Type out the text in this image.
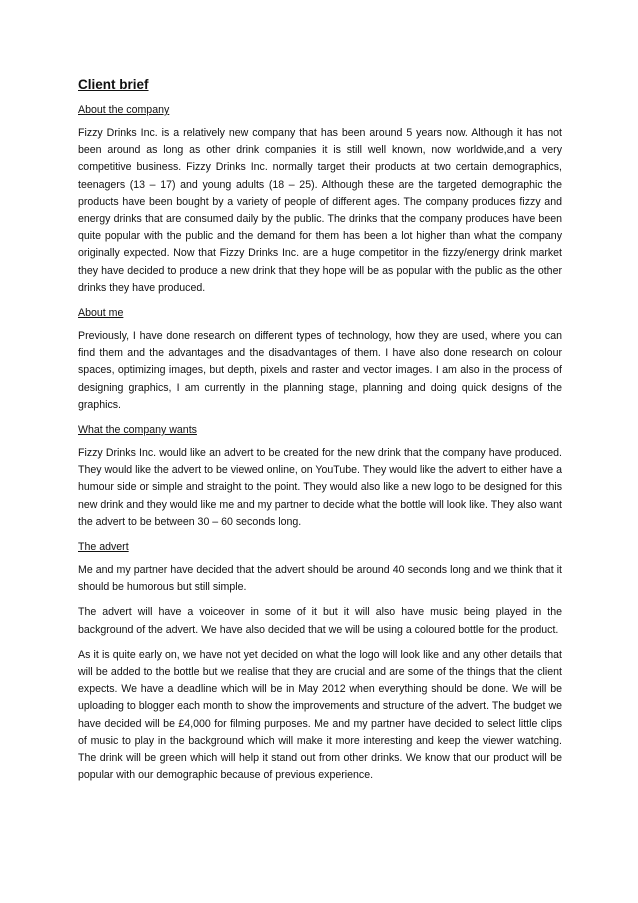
Client brief
About the company

Fizzy Drinks Inc. is a relatively new company that has been around 5 years now. Although it has not been around as long as other drink companies it is still well known, now worldwide,and a very competitive business. Fizzy Drinks Inc. normally target their products at two certain demographics, teenagers (13 – 17) and young adults (18 – 25). Although these are the targeted demographic the products have been bought by a variety of people of different ages. The company produces fizzy and energy drinks that are consumed daily by the public. The drinks that the company produces have been quite popular with the public and the demand for them has been a lot higher than what the company originally expected. Now that Fizzy Drinks Inc. are a huge competitor in the fizzy/energy drink market they have decided to produce a new drink that they hope will be as popular with the public as the other drinks they have produced.

About me

Previously, I have done research on different types of technology, how they are used, where you can find them and the advantages and the disadvantages of them. I have also done research on colour spaces, optimizing images, but depth, pixels and raster and vector images. I am also in the process of designing graphics, I am currently in the planning stage, planning and doing quick designs of the graphics.

What the company wants

Fizzy Drinks Inc. would like an advert to be created for the new drink that the company have produced. They would like the advert to be viewed online, on YouTube. They would like the advert to either have a humour side or simple and straight to the point. They would also like a new logo to be designed for this new drink and they would like me and my partner to decide what the bottle will look like. They also want the advert to be between 30 – 60 seconds long.

The advert

Me and my partner have decided that the advert should be around 40 seconds long and we think that it should be humorous but still simple.

The advert will have a voiceover in some of it but it will also have music being played in the background of the advert. We have also decided that we will be using a coloured bottle for the product.

As it is quite early on, we have not yet decided on what the logo will look like and any other details that will be added to the bottle but we realise that they are crucial and are some of the things that the client expects. We have a deadline which will be in May 2012 when everything should be done. We will be uploading to blogger each month to show the improvements and structure of the advert. The budget we have decided will be £4,000 for filming purposes. Me and my partner have decided to select little clips of music to play in the background which will make it more interesting and keep the viewer watching. The drink will be green which will help it stand out from other drinks. We know that our product will be popular with our demographic because of previous experience.
